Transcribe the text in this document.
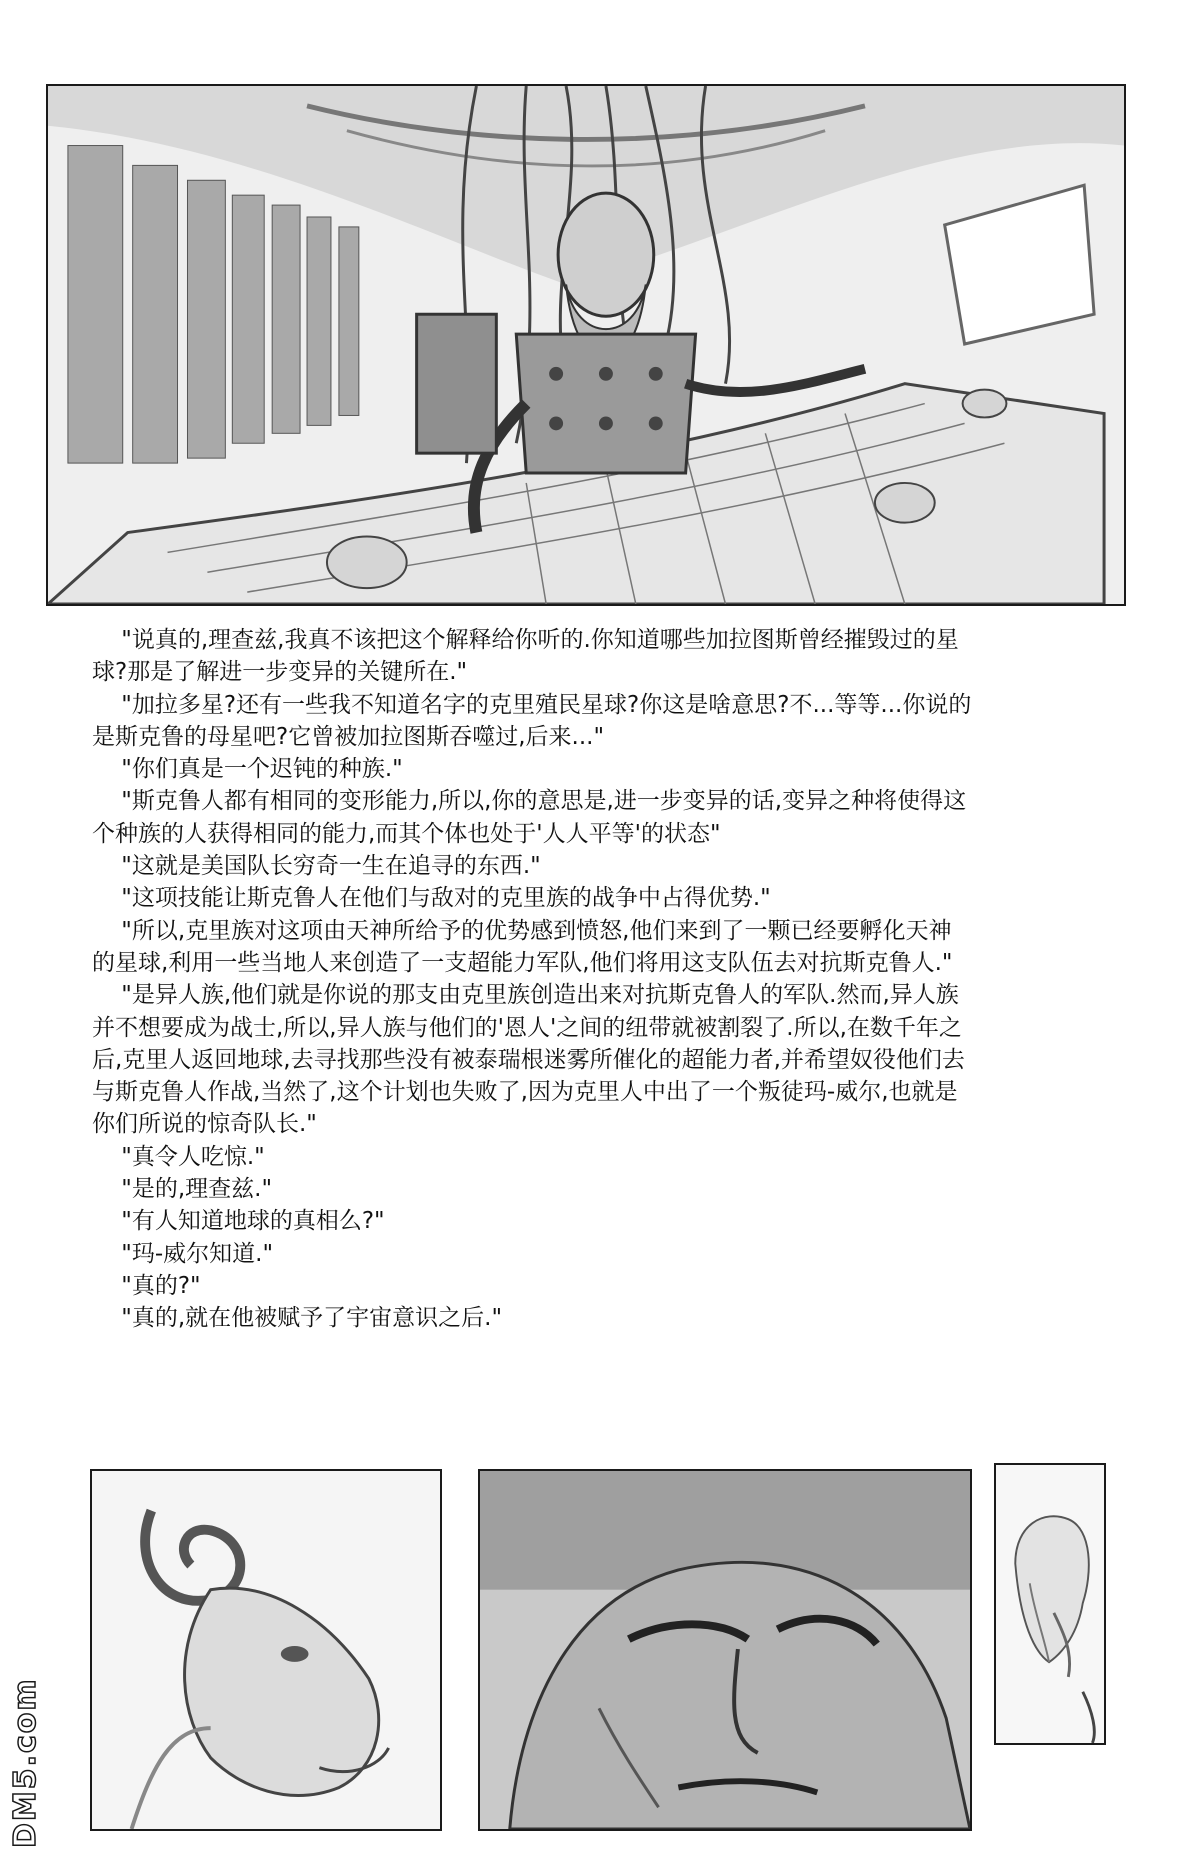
"说真的,理查兹,我真不该把这个解释给你听的.你知道哪些加拉图斯曾经摧毁过的星
球?那是了解进一步变异的关键所在."

"加拉多星?还有一些我不知道名字的克里殖民星球?你这是啥意思?不...等等...你说的
是斯克鲁的母星吧?它曾被加拉图斯吞噬过,后来..."

"你们真是一个迟钝的种族."

"斯克鲁人都有相同的变形能力,所以,你的意思是,进一步变异的话,变异之种将使得这
个种族的人获得相同的能力,而其个体也处于'人人平等'的状态"

"这就是美国队长穷奇一生在追寻的东西."

"这项技能让斯克鲁人在他们与敌对的克里族的战争中占得优势."

"所以,克里族对这项由天神所给予的优势感到愤怒,他们来到了一颗已经要孵化天神
的星球,利用一些当地人来创造了一支超能力军队,他们将用这支队伍去对抗斯克鲁人."

"是异人族,他们就是你说的那支由克里族创造出来对抗斯克鲁人的军队.然而,异人族
并不想要成为战士,所以,异人族与他们的'恩人'之间的纽带就被割裂了.所以,在数千年之
后,克里人返回地球,去寻找那些没有被泰瑞根迷雾所催化的超能力者,并希望奴役他们去
与斯克鲁人作战,当然了,这个计划也失败了,因为克里人中出了一个叛徒玛-威尔,也就是
你们所说的惊奇队长."

"真令人吃惊."

"是的,理查兹."

"有人知道地球的真相么?"

"玛-威尔知道."

"真的?"

"真的,就在他被赋予了宇宙意识之后."

DM5.com
